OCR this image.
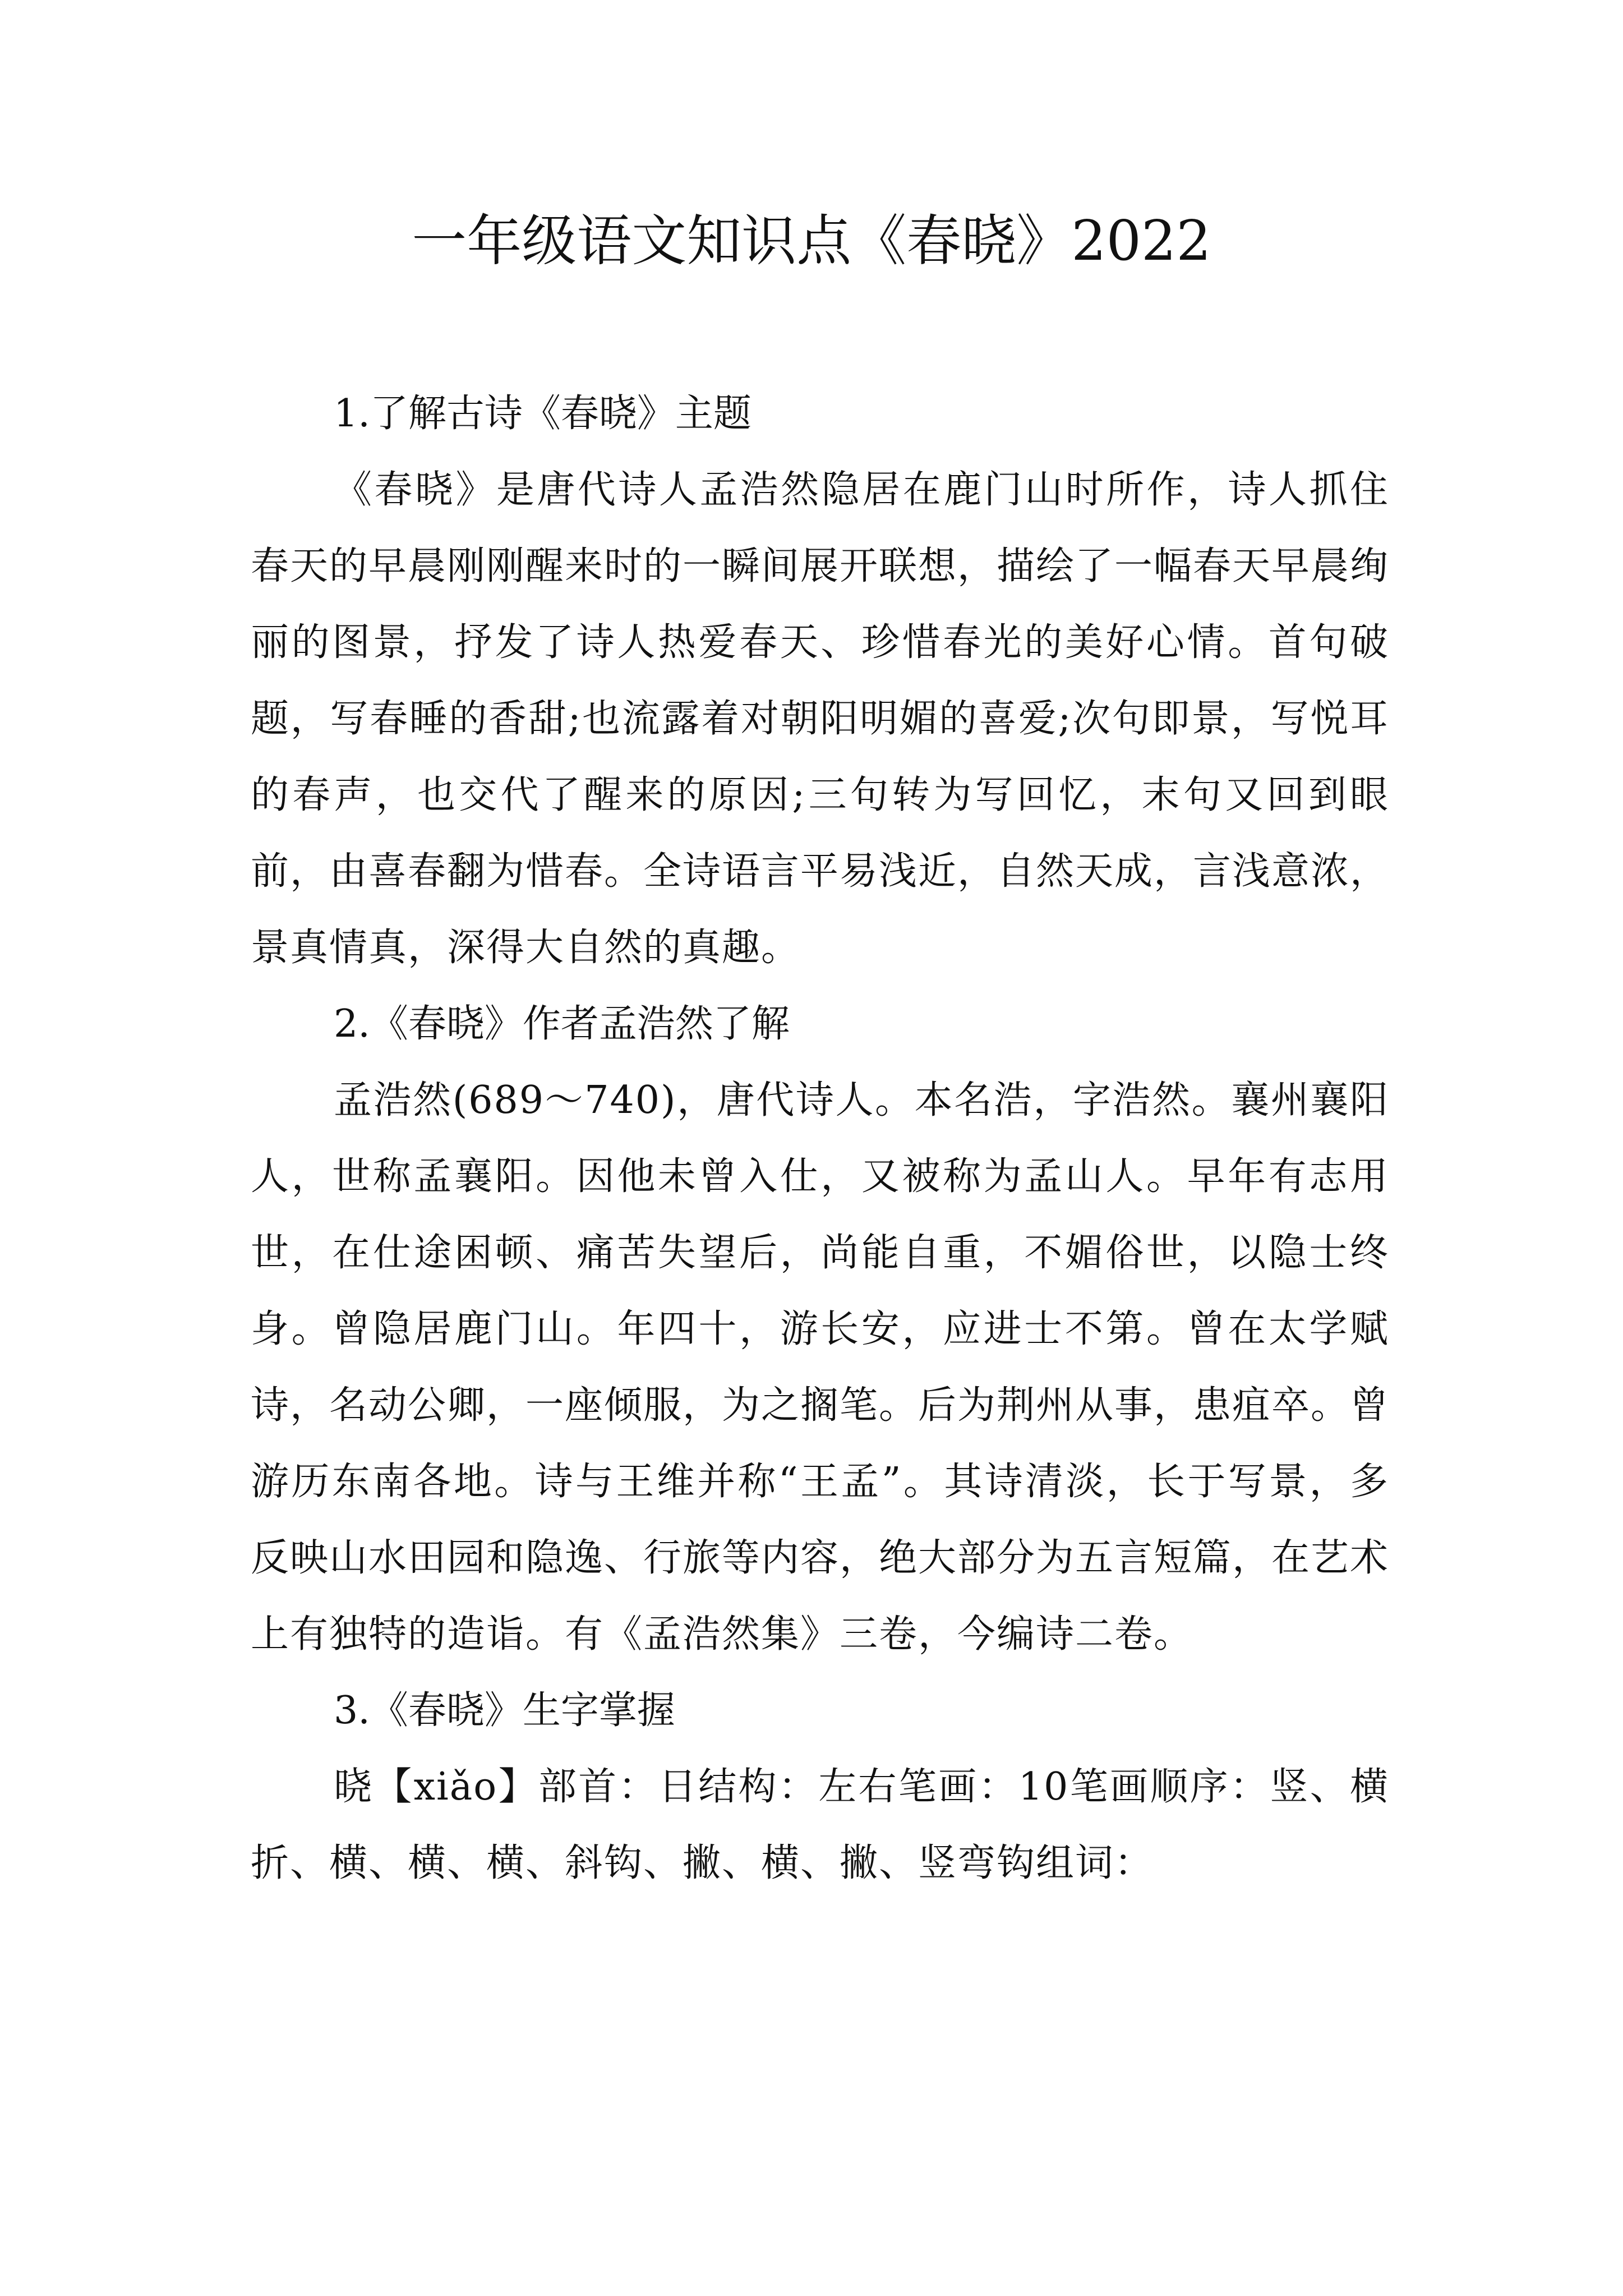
一年级语文知识点《春晓》2022
1.了解古诗《春晓》主题

《春晓》是唐代诗人孟浩然隐居在鹿门山时所作，诗人抓住春天的早晨刚刚醒来时的一瞬间展开联想，描绘了一幅春天早晨绚丽的图景，抒发了诗人热爱春天、珍惜春光的美好心情。首句破题，写春睡的香甜;也流露着对朝阳明媚的喜爱;次句即景，写悦耳的春声，也交代了醒来的原因;三句转为写回忆，末句又回到眼前，由喜春翻为惜春。全诗语言平易浅近，自然天成，言浅意浓，景真情真，深得大自然的真趣。

2.《春晓》作者孟浩然了解

孟浩然(689～740)，唐代诗人。本名浩，字浩然。襄州襄阳人，世称孟襄阳。因他未曾入仕，又被称为孟山人。早年有志用世，在仕途困顿、痛苦失望后，尚能自重，不媚俗世，以隐士终身。曾隐居鹿门山。年四十，游长安，应进士不第。曾在太学赋诗，名动公卿，一座倾服，为之搁笔。后为荆州从事，患疽卒。曾游历东南各地。诗与王维并称“王孟”。其诗清淡，长于写景，多反映山水田园和隐逸、行旅等内容，绝大部分为五言短篇，在艺术上有独特的造诣。有《孟浩然集》三卷，今编诗二卷。

3.《春晓》生字掌握

晓【xiǎo】部首：日结构：左右笔画：10笔画顺序：竖、横折、横、横、横、斜钩、撇、横、撇、竖弯钩组词：
